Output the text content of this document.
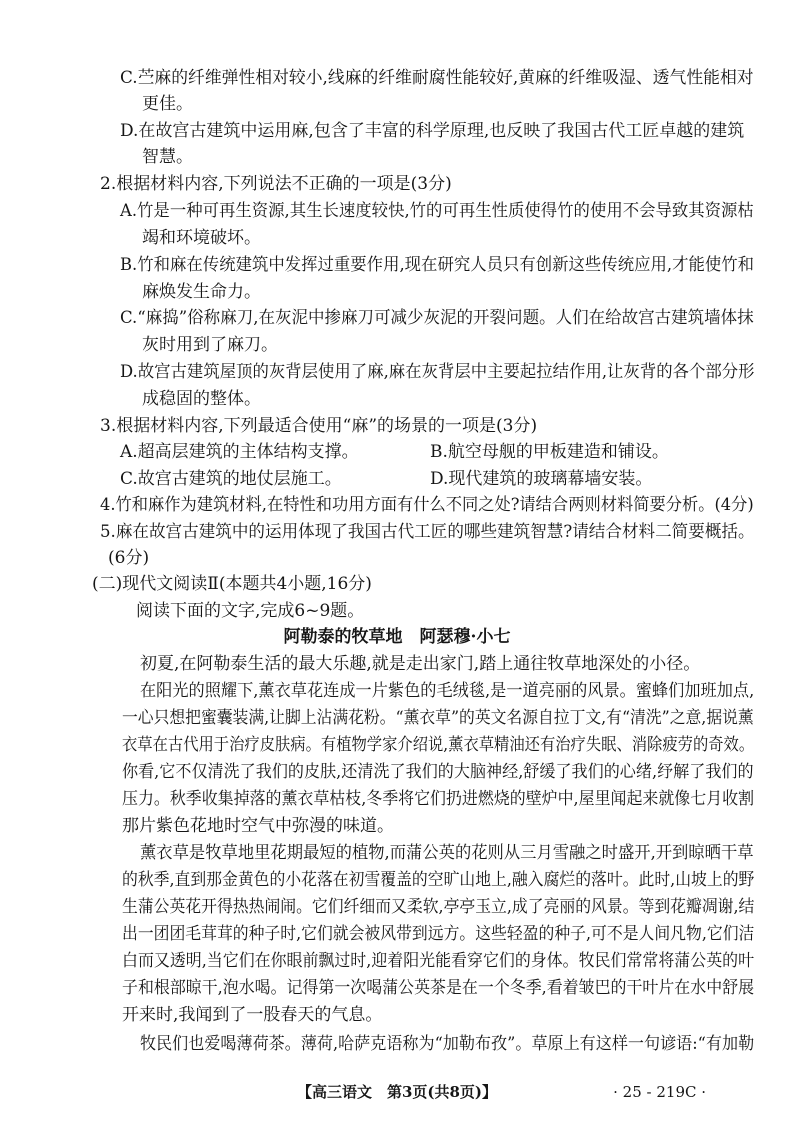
C.苎麻的纤维弹性相对较小,线麻的纤维耐腐性能较好,黄麻的纤维吸湿、透气性能相对
更佳。
D.在故宫古建筑中运用麻,包含了丰富的科学原理,也反映了我国古代工匠卓越的建筑
智慧。
2.根据材料内容,下列说法不正确的一项是(3分)
A.竹是一种可再生资源,其生长速度较快,竹的可再生性质使得竹的使用不会导致其资源枯
竭和环境破坏。
B.竹和麻在传统建筑中发挥过重要作用,现在研究人员只有创新这些传统应用,才能使竹和
麻焕发生命力。
C.“麻捣”俗称麻刀,在灰泥中掺麻刀可减少灰泥的开裂问题。人们在给故宫古建筑墙体抹
灰时用到了麻刀。
D.故宫古建筑屋顶的灰背层使用了麻,麻在灰背层中主要起拉结作用,让灰背的各个部分形
成稳固的整体。
3.根据材料内容,下列最适合使用“麻”的场景的一项是(3分)
A.超高层建筑的主体结构支撑。	B.航空母舰的甲板建造和铺设。
C.故宫古建筑的地仗层施工。	D.现代建筑的玻璃幕墙安装。
4.竹和麻作为建筑材料,在特性和功用方面有什么不同之处?请结合两则材料简要分析。(4分)
5.麻在故宫古建筑中的运用体现了我国古代工匠的哪些建筑智慧?请结合材料二简要概括。
(6分)
(二)现代文阅读Ⅱ(本题共4小题,16分)
阅读下面的文字,完成6~9题。
阿勒泰的牧草地　阿瑟穆·小七
初夏,在阿勒泰生活的最大乐趣,就是走出家门,踏上通往牧草地深处的小径。
在阳光的照耀下,薰衣草花连成一片紫色的毛绒毯,是一道亮丽的风景。蜜蜂们加班加点,
一心只想把蜜囊装满,让脚上沾满花粉。“薰衣草”的英文名源自拉丁文,有“清洗”之意,据说薰
衣草在古代用于治疗皮肤病。有植物学家介绍说,薰衣草精油还有治疗失眠、消除疲劳的奇效。
你看,它不仅清洗了我们的皮肤,还清洗了我们的大脑神经,舒缓了我们的心绪,纾解了我们的
压力。秋季收集掉落的薰衣草枯枝,冬季将它们扔进燃烧的壁炉中,屋里闻起来就像七月收割
那片紫色花地时空气中弥漫的味道。
薰衣草是牧草地里花期最短的植物,而蒲公英的花则从三月雪融之时盛开,开到晾晒干草
的秋季,直到那金黄色的小花落在初雪覆盖的空旷山地上,融入腐烂的落叶。此时,山坡上的野
生蒲公英花开得热热闹闹。它们纤细而又柔软,亭亭玉立,成了亮丽的风景。等到花瓣凋谢,结
出一团团毛茸茸的种子时,它们就会被风带到远方。这些轻盈的种子,可不是人间凡物,它们洁
白而又透明,当它们在你眼前飘过时,迎着阳光能看穿它们的身体。牧民们常常将蒲公英的叶
子和根部晾干,泡水喝。记得第一次喝蒲公英茶是在一个冬季,看着皱巴的干叶片在水中舒展
开来时,我闻到了一股春天的气息。
牧民们也爱喝薄荷茶。薄荷,哈萨克语称为“加勒布孜”。草原上有这样一句谚语:“有加勒
【高三语文　第3页(共8页)】	· 25 - 219C ·
